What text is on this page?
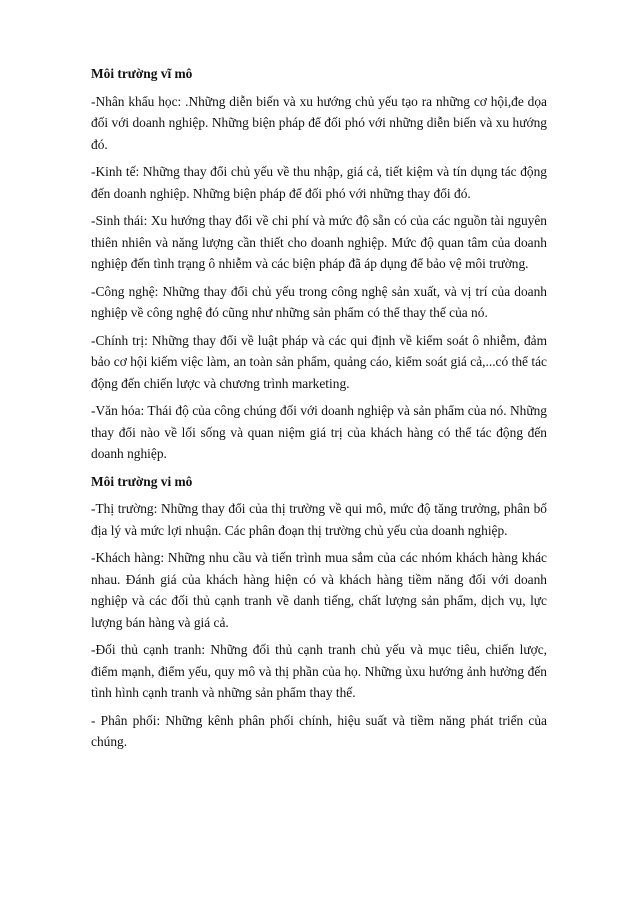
Môi trường vĩ mô

-Nhân khẩu học: .Những diễn biến và xu hướng chủ yếu tạo ra những cơ hội,đe dọa đối với doanh nghiệp. Những biện pháp để đối phó với những diễn biến và xu hướng đó.

-Kinh tế: Những thay đổi chủ yếu về thu nhập, giá cả, tiết kiệm và tín dụng tác động đến doanh nghiệp. Những biện pháp để đối phó với những thay đổi đó.

-Sinh thái: Xu hướng thay đổi về chi phí và mức độ sẵn có của các nguồn tài nguyên thiên nhiên và năng lượng cần thiết cho doanh nghiệp. Mức độ quan tâm của doanh nghiệp đến tình trạng ô nhiễm và các biện pháp đã áp dụng để bảo vệ môi trường.

-Công nghệ: Những thay đổi chủ yếu trong công nghệ sản xuất, và vị trí của doanh nghiệp về công nghệ đó cũng như những sản phẩm có thể thay thế của nó.

-Chính trị: Những thay đổi về luật pháp và các qui định về kiểm soát ô nhiễm, đảm bảo cơ hội kiếm việc làm, an toàn sản phẩm, quảng cáo, kiểm soát giá cả,...có thể tác động đến chiến lược và chương trình marketing.

-Văn hóa: Thái độ của công chúng đối với doanh nghiệp và sản phẩm của nó. Những thay đổi nào về lối sống và quan niệm giá trị của khách hàng có thể tác động đến doanh nghiệp.

Môi trường vi mô

-Thị trường: Những thay đổi của thị trường về qui mô, mức độ tăng trưởng, phân bố địa lý và mức lợi nhuận. Các phân đoạn thị trường chủ yếu của doanh nghiệp.

-Khách hàng: Những nhu cầu và tiến trình mua sắm của các nhóm khách hàng khác nhau. Đánh giá của khách hàng hiện có và khách hàng tiềm năng đối với doanh nghiệp và các đối thủ cạnh tranh về danh tiếng, chất lượng sản phẩm, dịch vụ, lực lượng bán hàng và giá cả.

-Đối thủ cạnh tranh: Những đối thủ cạnh tranh chủ yếu và mục tiêu, chiến lược, điểm mạnh, điểm yếu, quy mô và thị phần của họ. Những ủxu hướng ảnh hưởng đến tình hình cạnh tranh và những sản phẩm thay thế.

- Phân phối: Những kênh phân phối chính, hiệu suất và tiềm năng phát triển của chúng.
